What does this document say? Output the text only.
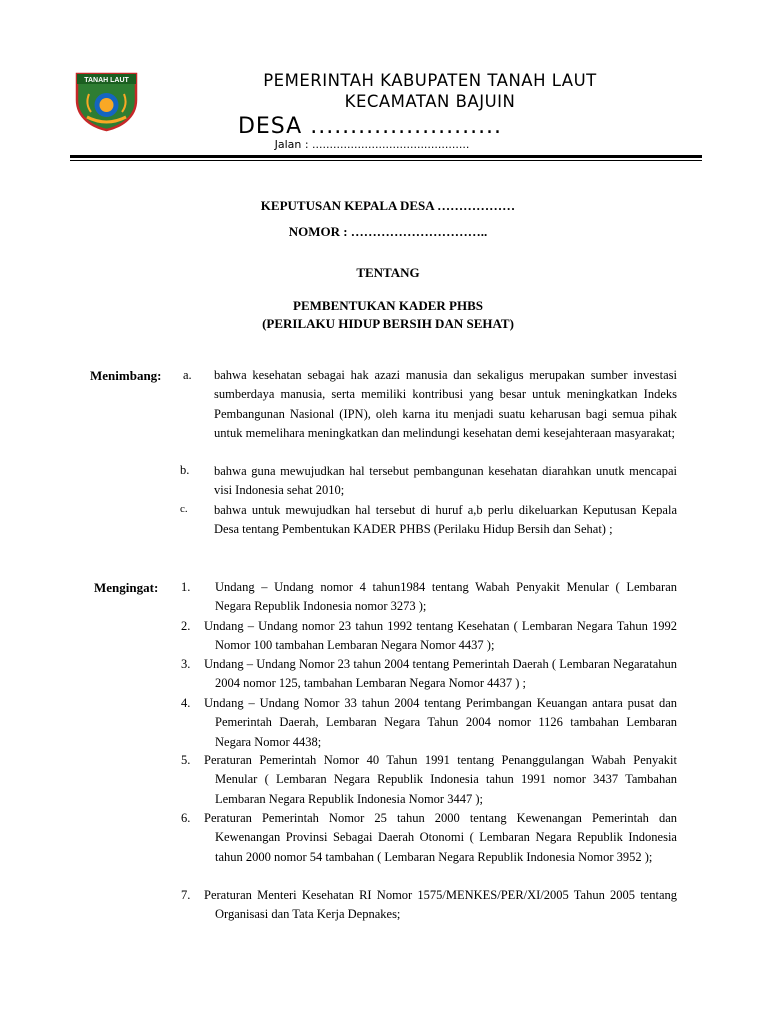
TANAH LAUT	PEMERINTAH KABUPATEN TANAH LAUT
KECAMATAN BAJUIN
DESA ........................
Jalan : .............................................
KEPUTUSAN KEPALA DESA ………………
NOMOR : …………………………..
TENTANG
PEMBENTUKAN KADER PHBS
(PERILAKU HIDUP BERSIH DAN SEHAT)
Menimbang: a. bahwa kesehatan sebagai hak azazi manusia dan sekaligus merupakan sumber investasi sumberdaya manusia, serta memiliki kontribusi yang besar untuk meningkatkan Indeks Pembangunan Nasional (IPN), oleh karna itu menjadi suatu keharusan bagi semua pihak untuk memelihara meningkatkan dan melindungi kesehatan demi kesejahteraan masyarakat;
b. bahwa guna mewujudkan hal tersebut pembangunan kesehatan diarahkan unutk mencapai visi Indonesia sehat 2010;
c. bahwa untuk mewujudkan hal tersebut di huruf a,b perlu dikeluarkan Keputusan Kepala Desa tentang Pembentukan KADER PHBS (Perilaku Hidup Bersih dan Sehat) ;
Mengingat: 1.	Undang – Undang nomor 4 tahun1984 tentang Wabah Penyakit Menular ( Lembaran Negara Republik Indonesia nomor 3273 );
2. Undang – Undang nomor 23 tahun 1992 tentang Kesehatan ( Lembaran Negara Tahun 1992 Nomor 100 tambahan Lembaran Negara Nomor 4437 );
3. Undang – Undang Nomor 23 tahun 2004 tentang Pemerintah Daerah ( Lembaran Negaratahun 2004 nomor 125, tambahan Lembaran Negara Nomor 4437 ) ;
4. Undang – Undang Nomor 33 tahun 2004 tentang Perimbangan Keuangan antara pusat dan Pemerintah Daerah, Lembaran Negara Tahun 2004 nomor 1126 tambahan Lembaran Negara Nomor 4438;
5. Peraturan Pemerintah Nomor 40 Tahun 1991 tentang Penanggulangan Wabah Penyakit Menular ( Lembaran Negara Republik Indonesia tahun 1991 nomor 3437 Tambahan Lembaran Negara Republik Indonesia Nomor 3447 );
6. Peraturan Pemerintah Nomor 25 tahun 2000 tentang Kewenangan Pemerintah dan Kewenangan Provinsi Sebagai Daerah Otonomi ( Lembaran Negara Republik Indonesia tahun 2000 nomor 54 tambahan ( Lembaran Negara Republik Indonesia Nomor 3952 );
7. Peraturan Menteri Kesehatan RI Nomor 1575/MENKES/PER/XI/2005 Tahun 2005 tentang Organisasi dan Tata Kerja Depnakes;
